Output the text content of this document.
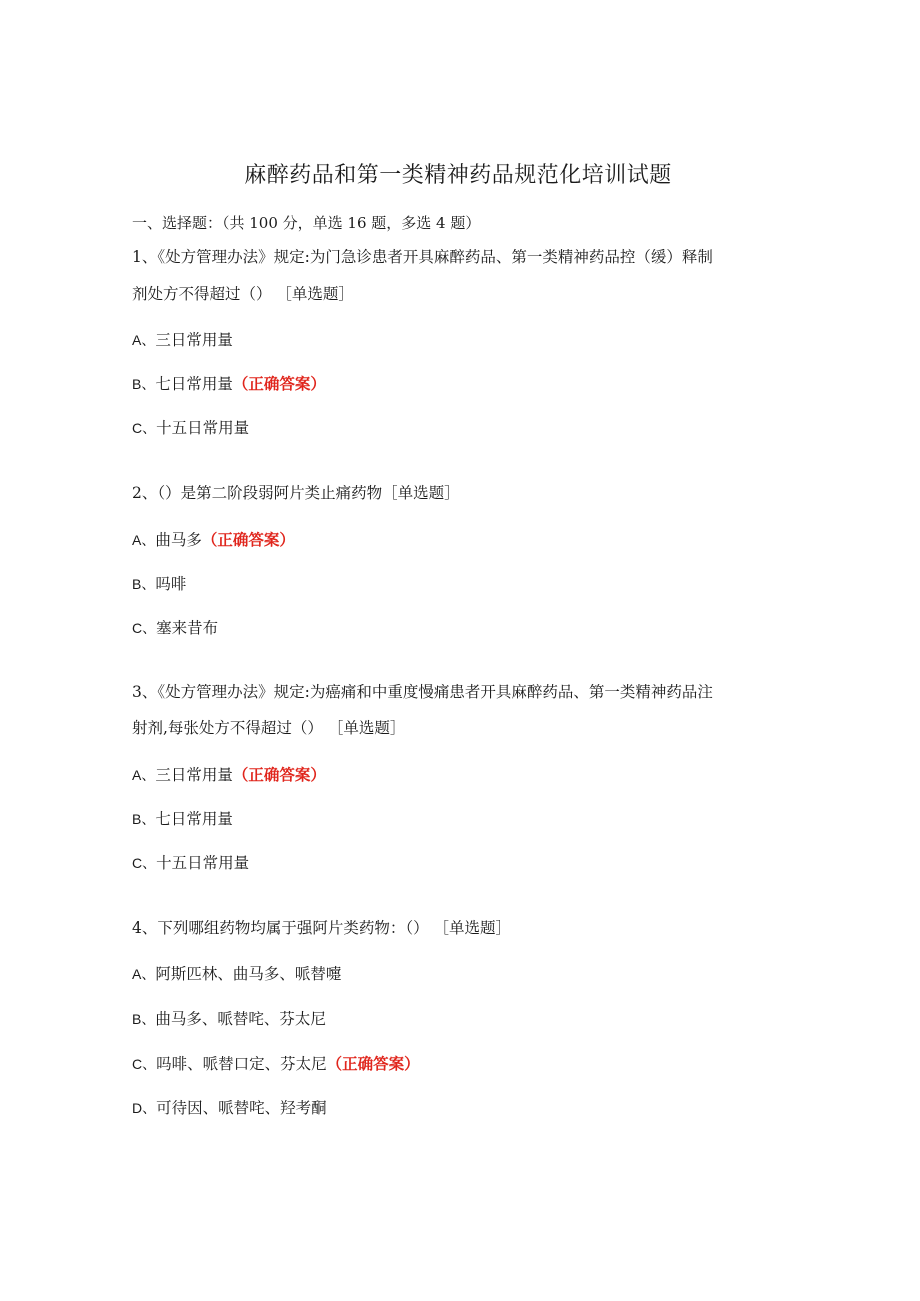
麻醉药品和第一类精神药品规范化培训试题
一、选择题：（共 100 分，单选 16 题，多选 4 题）
1、《处方管理办法》规定:为门急诊患者开具麻醉药品、第一类精神药品控（缓）释制
剂处方不得超过（） ［单选题］
A、三日常用量
B、七日常用量（正确答案）
C、十五日常用量
2、（）是第二阶段弱阿片类止痛药物［单选题］
A、曲马多（正确答案）
B、吗啡
C、塞来昔布
3、《处方管理办法》规定:为癌痛和中重度慢痛患者开具麻醉药品、第一类精神药品注
射剂,每张处方不得超过（） ［单选题］
A、三日常用量（正确答案）
B、七日常用量
C、十五日常用量
4、下列哪组药物均属于强阿片类药物：（） ［单选题］
A、阿斯匹林、曲马多、哌替嚏
B、曲马多、哌替咤、芬太尼
C、吗啡、哌替口定、芬太尼（正确答案）
D、可待因、哌替咤、羟考酮
